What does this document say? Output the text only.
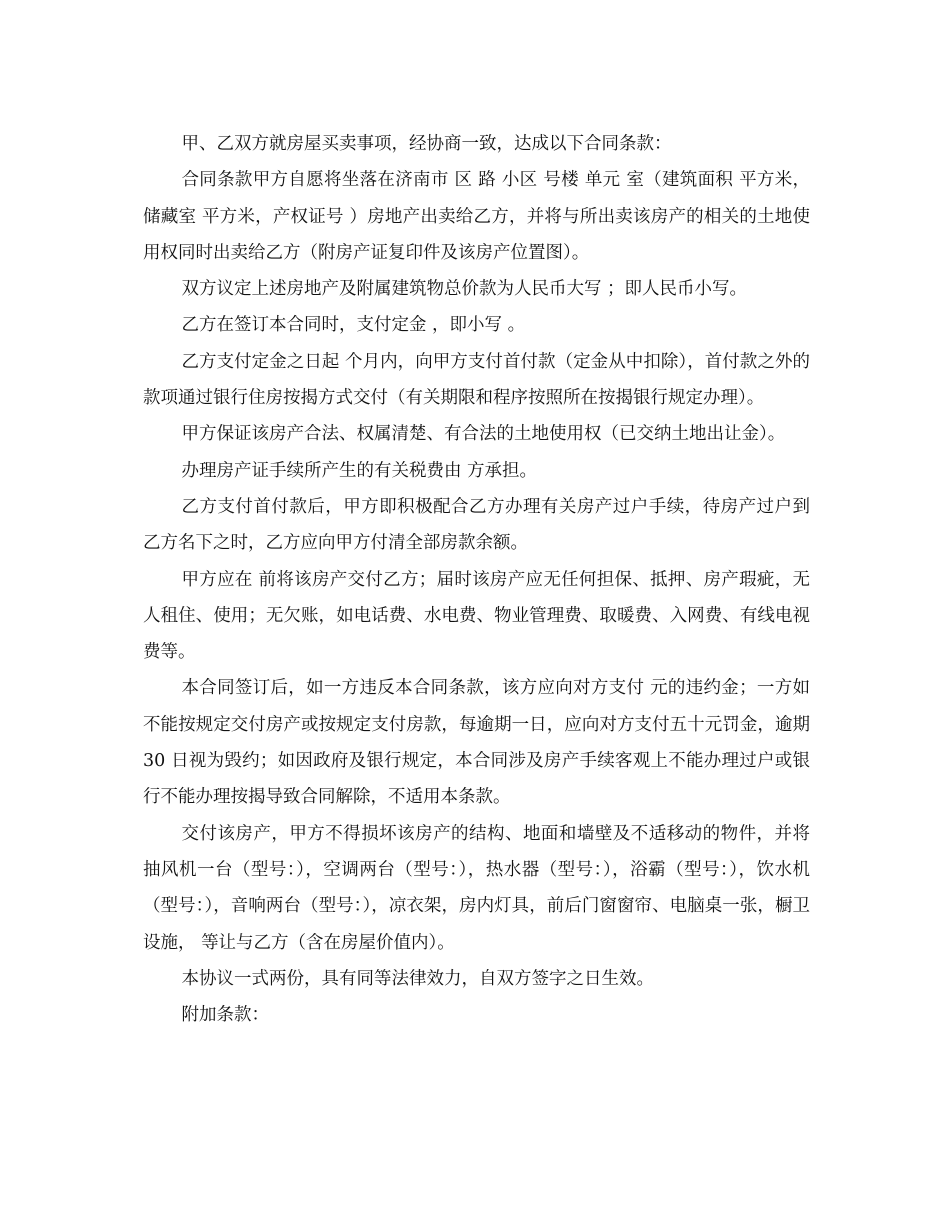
甲、乙双方就房屋买卖事项，经协商一致，达成以下合同条款：

合同条款甲方自愿将坐落在济南市 区 路 小区 号楼 单元 室（建筑面积 平方米，储藏室 平方米，产权证号 ）房地产出卖给乙方，并将与所出卖该房产的相关的土地使用权同时出卖给乙方（附房产证复印件及该房产位置图）。

双方议定上述房地产及附属建筑物总价款为人民币大写 ；即人民币小写。

乙方在签订本合同时，支付定金 ，即小写 。

乙方支付定金之日起 个月内，向甲方支付首付款（定金从中扣除），首付款之外的款项通过银行住房按揭方式交付（有关期限和程序按照所在按揭银行规定办理）。

甲方保证该房产合法、权属清楚、有合法的土地使用权（已交纳土地出让金）。

办理房产证手续所产生的有关税费由 方承担。

乙方支付首付款后，甲方即积极配合乙方办理有关房产过户手续，待房产过户到乙方名下之时，乙方应向甲方付清全部房款余额。

甲方应在 前将该房产交付乙方；届时该房产应无任何担保、抵押、房产瑕疵，无人租住、使用；无欠账，如电话费、水电费、物业管理费、取暖费、入网费、有线电视费等。

本合同签订后，如一方违反本合同条款，该方应向对方支付 元的违约金；一方如不能按规定交付房产或按规定支付房款，每逾期一日，应向对方支付五十元罚金，逾期 30 日视为毁约；如因政府及银行规定，本合同涉及房产手续客观上不能办理过户或银行不能办理按揭导致合同解除，不适用本条款。

交付该房产，甲方不得损坏该房产的结构、地面和墙壁及不适移动的物件，并将抽风机一台（型号：），空调两台（型号：），热水器（型号：），浴霸（型号：），饮水机（型号：），音响两台（型号：），凉衣架，房内灯具，前后门窗窗帘、电脑桌一张，橱卫设施， 等让与乙方（含在房屋价值内）。

本协议一式两份，具有同等法律效力，自双方签字之日生效。

附加条款：
